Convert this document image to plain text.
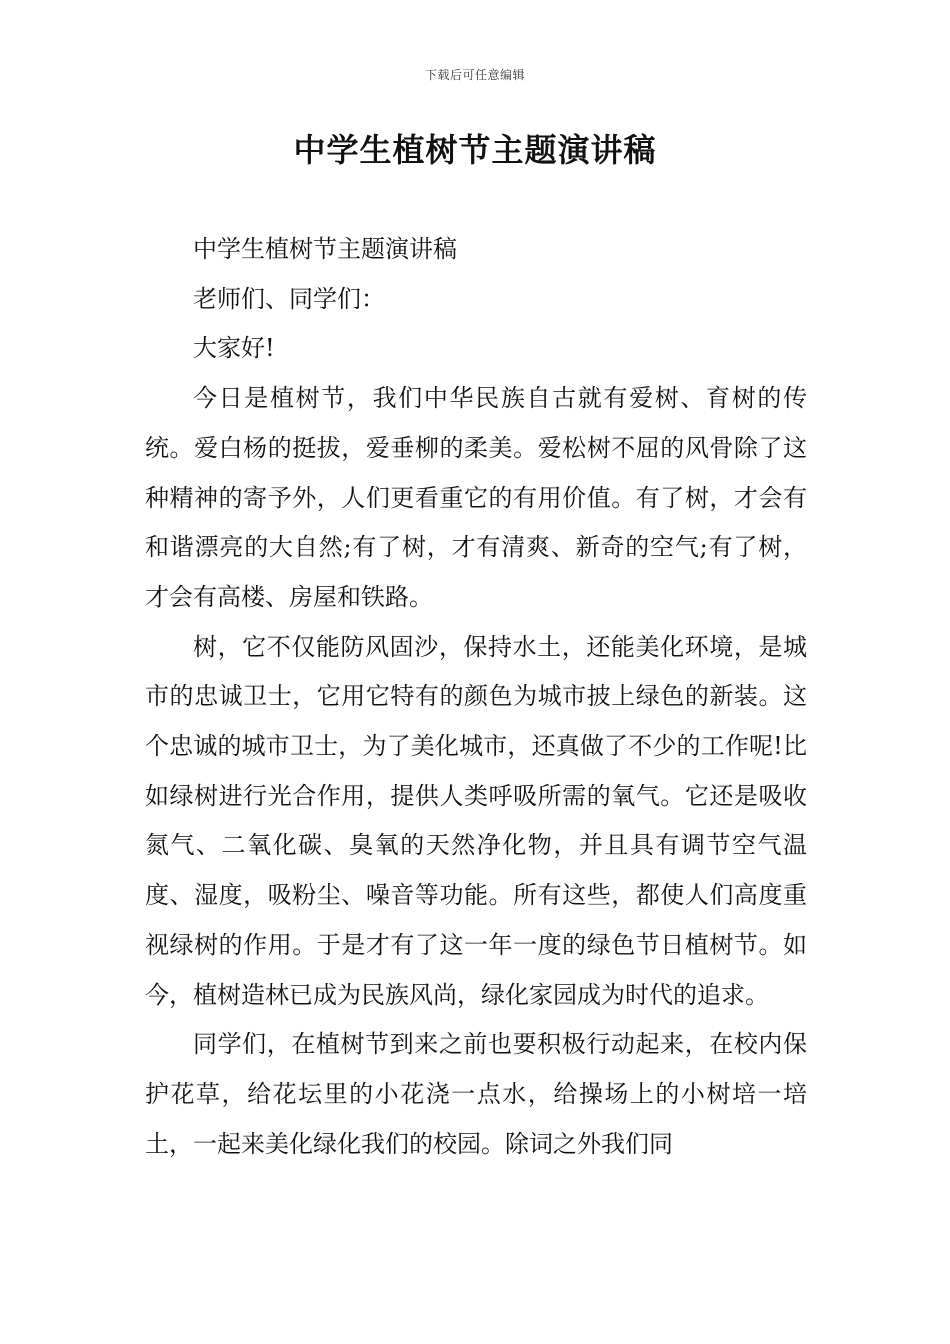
下载后可任意编辑
中学生植树节主题演讲稿

中学生植树节主题演讲稿

老师们、同学们：

大家好!

今日是植树节，我们中华民族自古就有爱树、育树的传统。爱白杨的挺拔，爱垂柳的柔美。爱松树不屈的风骨除了这种精神的寄予外，人们更看重它的有用价值。有了树，才会有和谐漂亮的大自然;有了树，才有清爽、新奇的空气;有了树，才会有高楼、房屋和铁路。

树，它不仅能防风固沙，保持水土，还能美化环境，是城市的忠诚卫士，它用它特有的颜色为城市披上绿色的新装。这个忠诚的城市卫士，为了美化城市，还真做了不少的工作呢!比如绿树进行光合作用，提供人类呼吸所需的氧气。它还是吸收氮气、二氧化碳、臭氧的天然净化物，并且具有调节空气温度、湿度，吸粉尘、噪音等功能。所有这些，都使人们高度重视绿树的作用。于是才有了这一年一度的绿色节日植树节。如今，植树造林已成为民族风尚，绿化家园成为时代的追求。

同学们，在植树节到来之前也要积极行动起来，在校内保护花草，给花坛里的小花浇一点水，给操场上的小树培一培土，一起来美化绿化我们的校园。除词之外我们同
